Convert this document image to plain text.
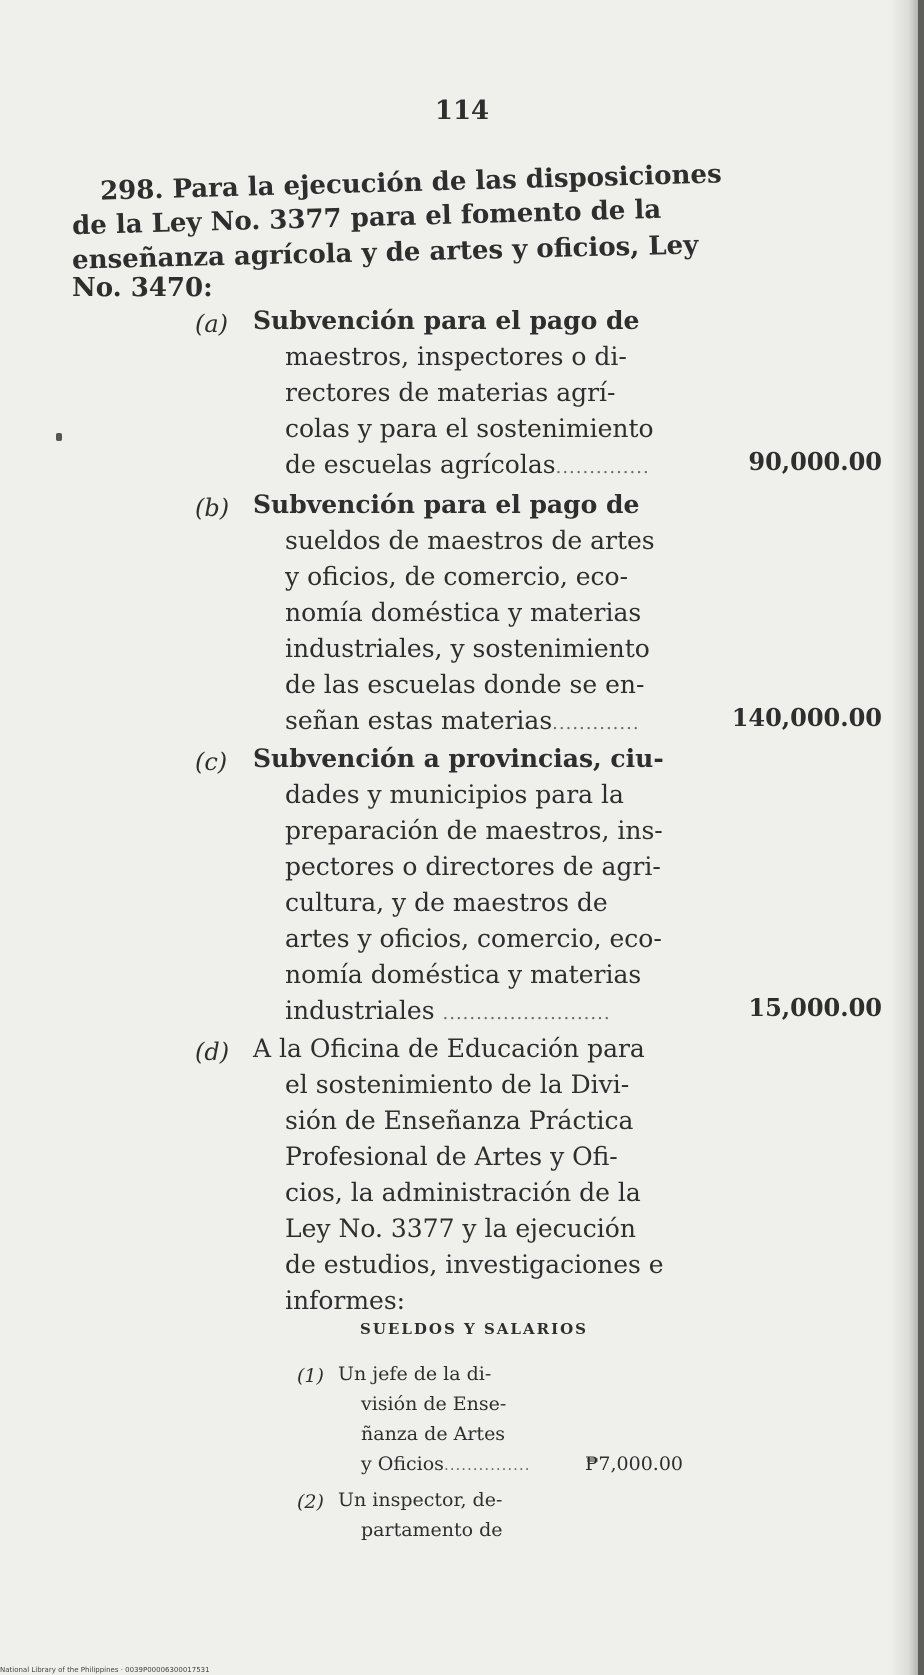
114
298. Para la ejecución de las disposiciones
de la Ley No. 3377 para el fomento de la
enseñanza agrícola y de artes y oficios, Ley
No. 3470:
(a) Subvención para el pago de
maestros, inspectores o di-
rectores de materias agrí-
colas y para el sostenimiento
de escuelas agrícolas..............	90,000.00
(b) Subvención para el pago de
sueldos de maestros de artes
y oficios, de comercio, eco-
nomía doméstica y materias
industriales, y sostenimiento
de las escuelas donde se en-
señan estas materias.............	140,000.00
(c) Subvención a provincias, ciu-
dades y municipios para la
preparación de maestros, ins-
pectores o directores de agri-
cultura, y de maestros de
artes y oficios, comercio, eco-
nomía doméstica y materias
industriales .........................	15,000.00
(d) A la Oficina de Educación para
el sostenimiento de la Divi-
sión de Enseñanza Práctica
Profesional de Artes y Ofi-
cios, la administración de la
Ley No. 3377 y la ejecución
de estudios, investigaciones e
informes:
SUELDOS Y SALARIOS
(1) Un jefe de la di-
visión de Ense-
ñanza de Artes
y Oficios...............	₱7,000.00
(2) Un inspector, de-
partamento de
National Library of the Philippines · 0039P00006300017531
